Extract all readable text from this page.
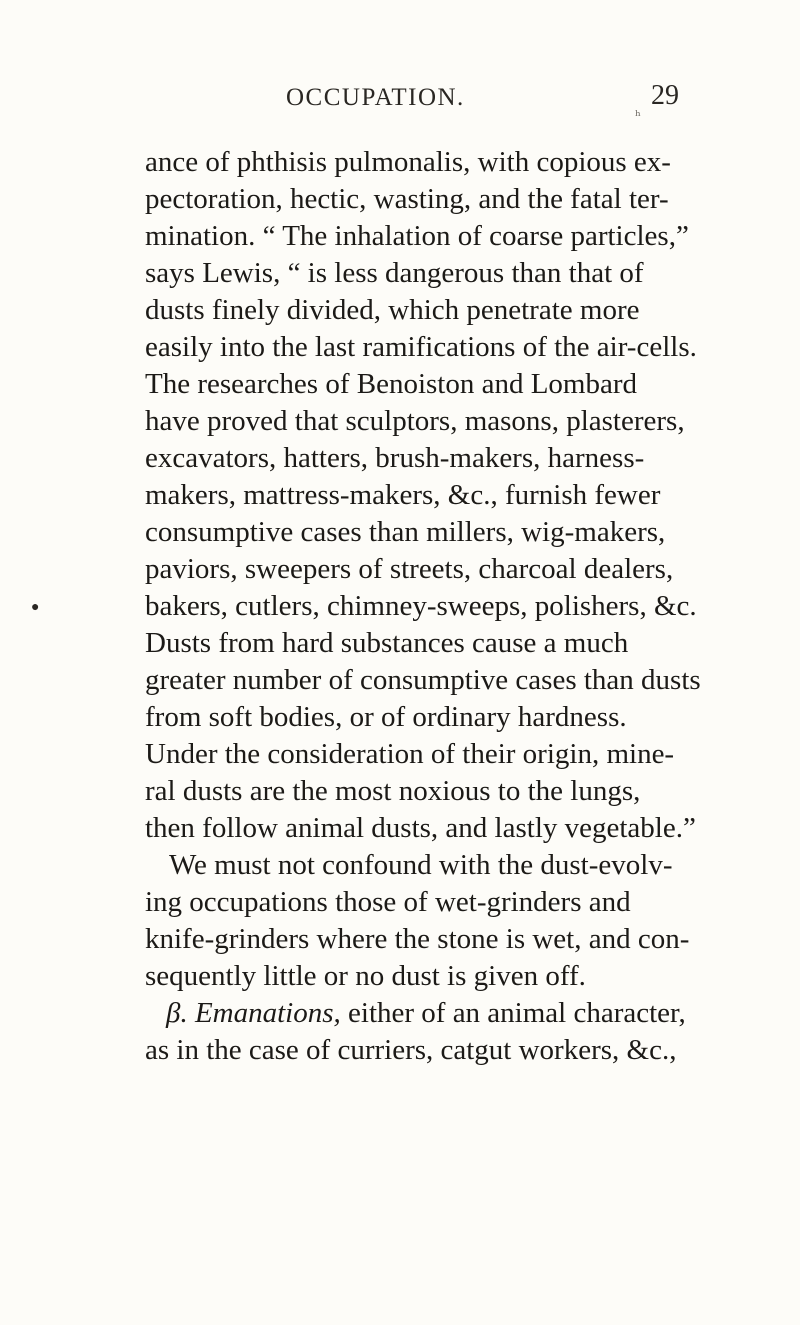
OCCUPATION.
ₕ
29
●
ance of phthisis pulmonalis, with copious ex-
pectoration, hectic, wasting, and the fatal ter-
mination. “ The inhalation of coarse particles,”
says Lewis, “ is less dangerous than that of
dusts finely divided, which penetrate more
easily into the last ramifications of the air-cells.
The researches of Benoiston and Lombard
have proved that sculptors, masons, plasterers,
excavators, hatters, brush-makers, harness-
makers, mattress-makers, &c., furnish fewer
consumptive cases than millers, wig-makers,
paviors, sweepers of streets, charcoal dealers,
bakers, cutlers, chimney-sweeps, polishers, &c.
Dusts from hard substances cause a much
greater number of consumptive cases than dusts
from soft bodies, or of ordinary hardness.
Under the consideration of their origin, mine-
ral dusts are the most noxious to the lungs,
then follow animal dusts, and lastly vegetable.”
We must not confound with the dust-evolv-
ing occupations those of wet-grinders and
knife-grinders where the stone is wet, and con-
sequently little or no dust is given off.
β. Emanations, either of an animal character,
as in the case of curriers, catgut workers, &c.,
